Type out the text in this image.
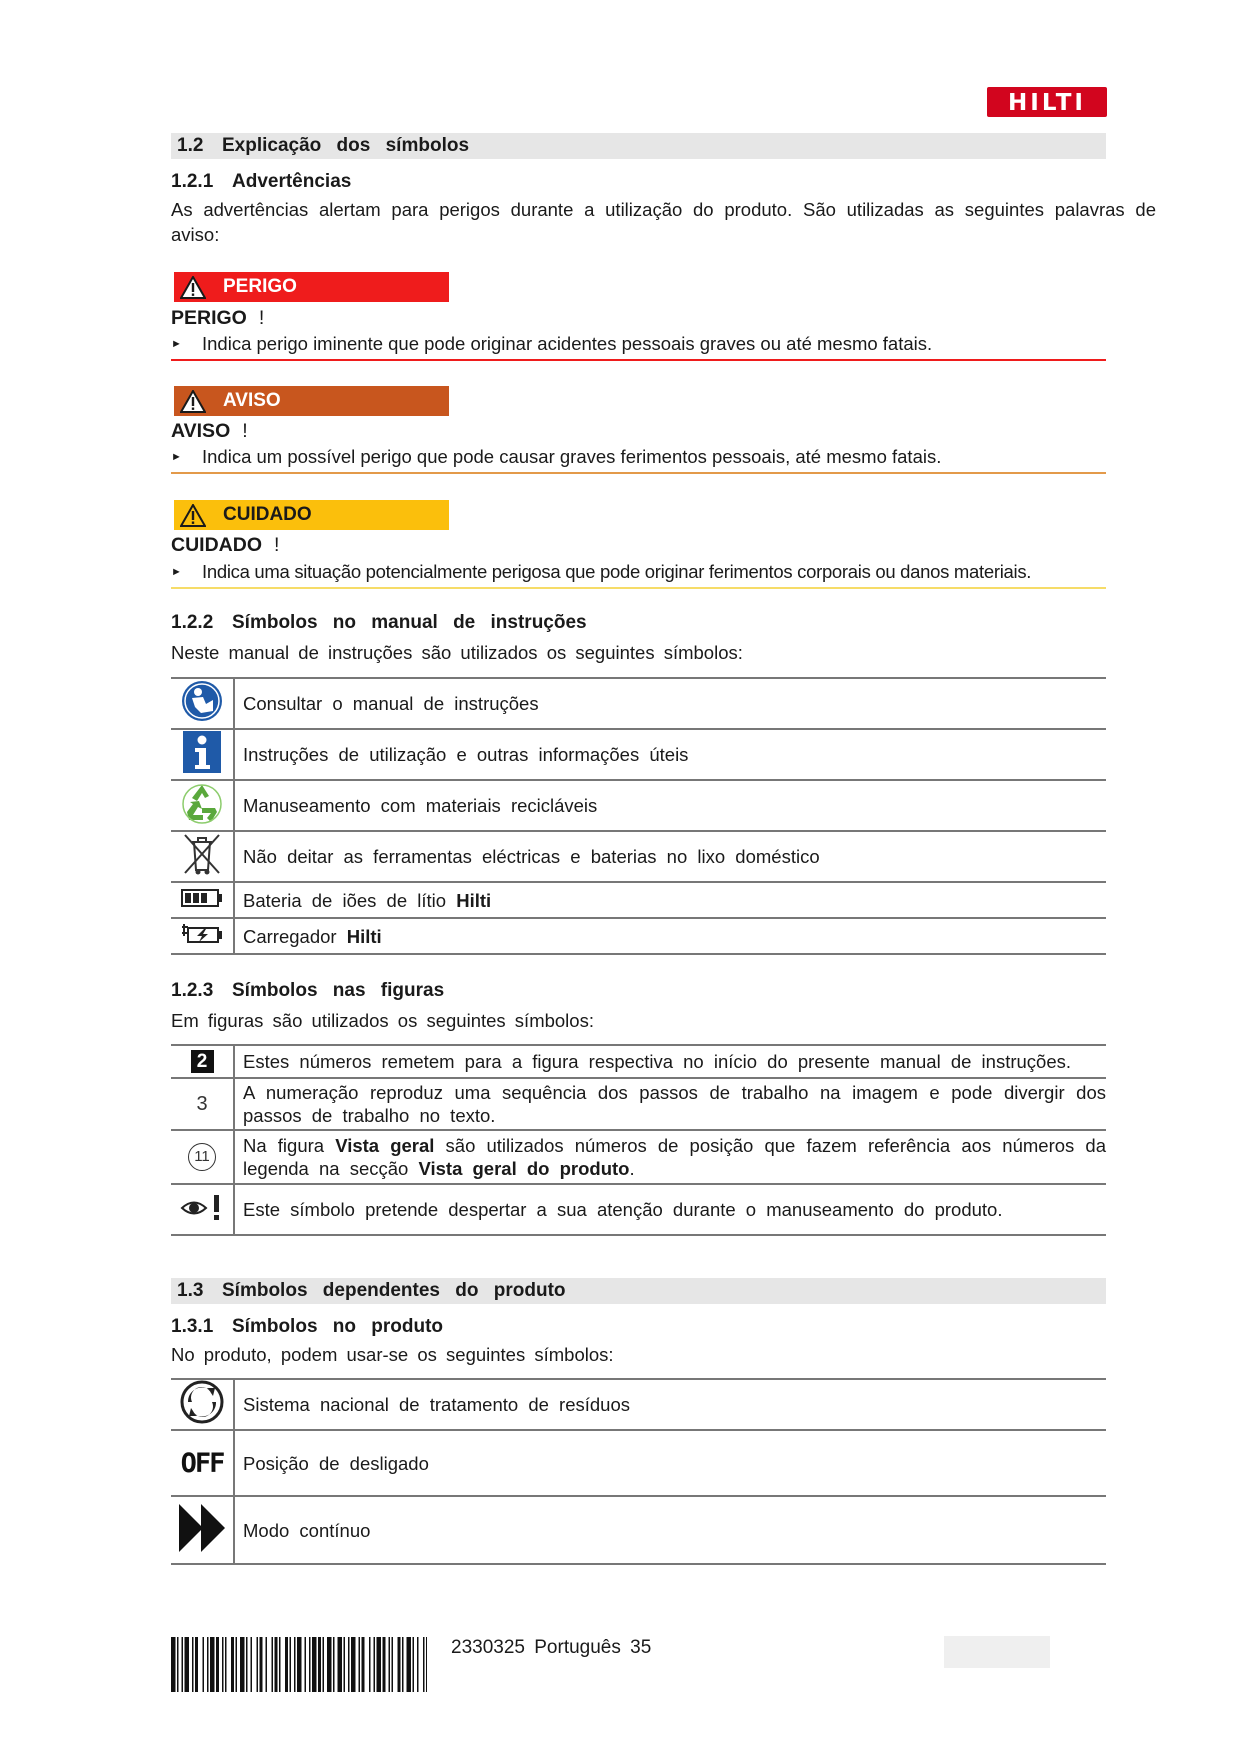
HILTI
1.2 Explicação dos símbolos
1.2.1 Advertências
As advertências alertam para perigos durante a utilização do produto. São utilizadas as seguintes palavras de aviso:
PERIGO
PERIGO !
► Indica perigo iminente que pode originar acidentes pessoais graves ou até mesmo fatais.
AVISO
AVISO !
► Indica um possível perigo que pode causar graves ferimentos pessoais, até mesmo fatais.
CUIDADO
CUIDADO !
► Indica uma situação potencialmente perigosa que pode originar ferimentos corporais ou danos materiais.
1.2.2 Símbolos no manual de instruções
Neste manual de instruções são utilizados os seguintes símbolos:
	Consultar o manual de instruções
	Instruções de utilização e outras informações úteis
	Manuseamento com materiais recicláveis
	Não deitar as ferramentas eléctricas e baterias no lixo doméstico
	Bateria de iões de lítio Hilti
	Carregador Hilti
1.2.3 Símbolos nas figuras
Em figuras são utilizados os seguintes símbolos:
2	Estes números remetem para a figura respectiva no início do presente manual de instruções.
3	A numeração reproduz uma sequência dos passos de trabalho na imagem e pode divergir dos passos de trabalho no texto.
11	Na figura Vista geral são utilizados números de posição que fazem referência aos números da legenda na secção Vista geral do produto.
	Este símbolo pretende despertar a sua atenção durante o manuseamento do produto.
1.3 Símbolos dependentes do produto
1.3.1 Símbolos no produto
No produto, podem usar-se os seguintes símbolos:
	Sistema nacional de tratamento de resíduos
OFF	Posição de desligado
	Modo contínuo
2330325 Português 35
